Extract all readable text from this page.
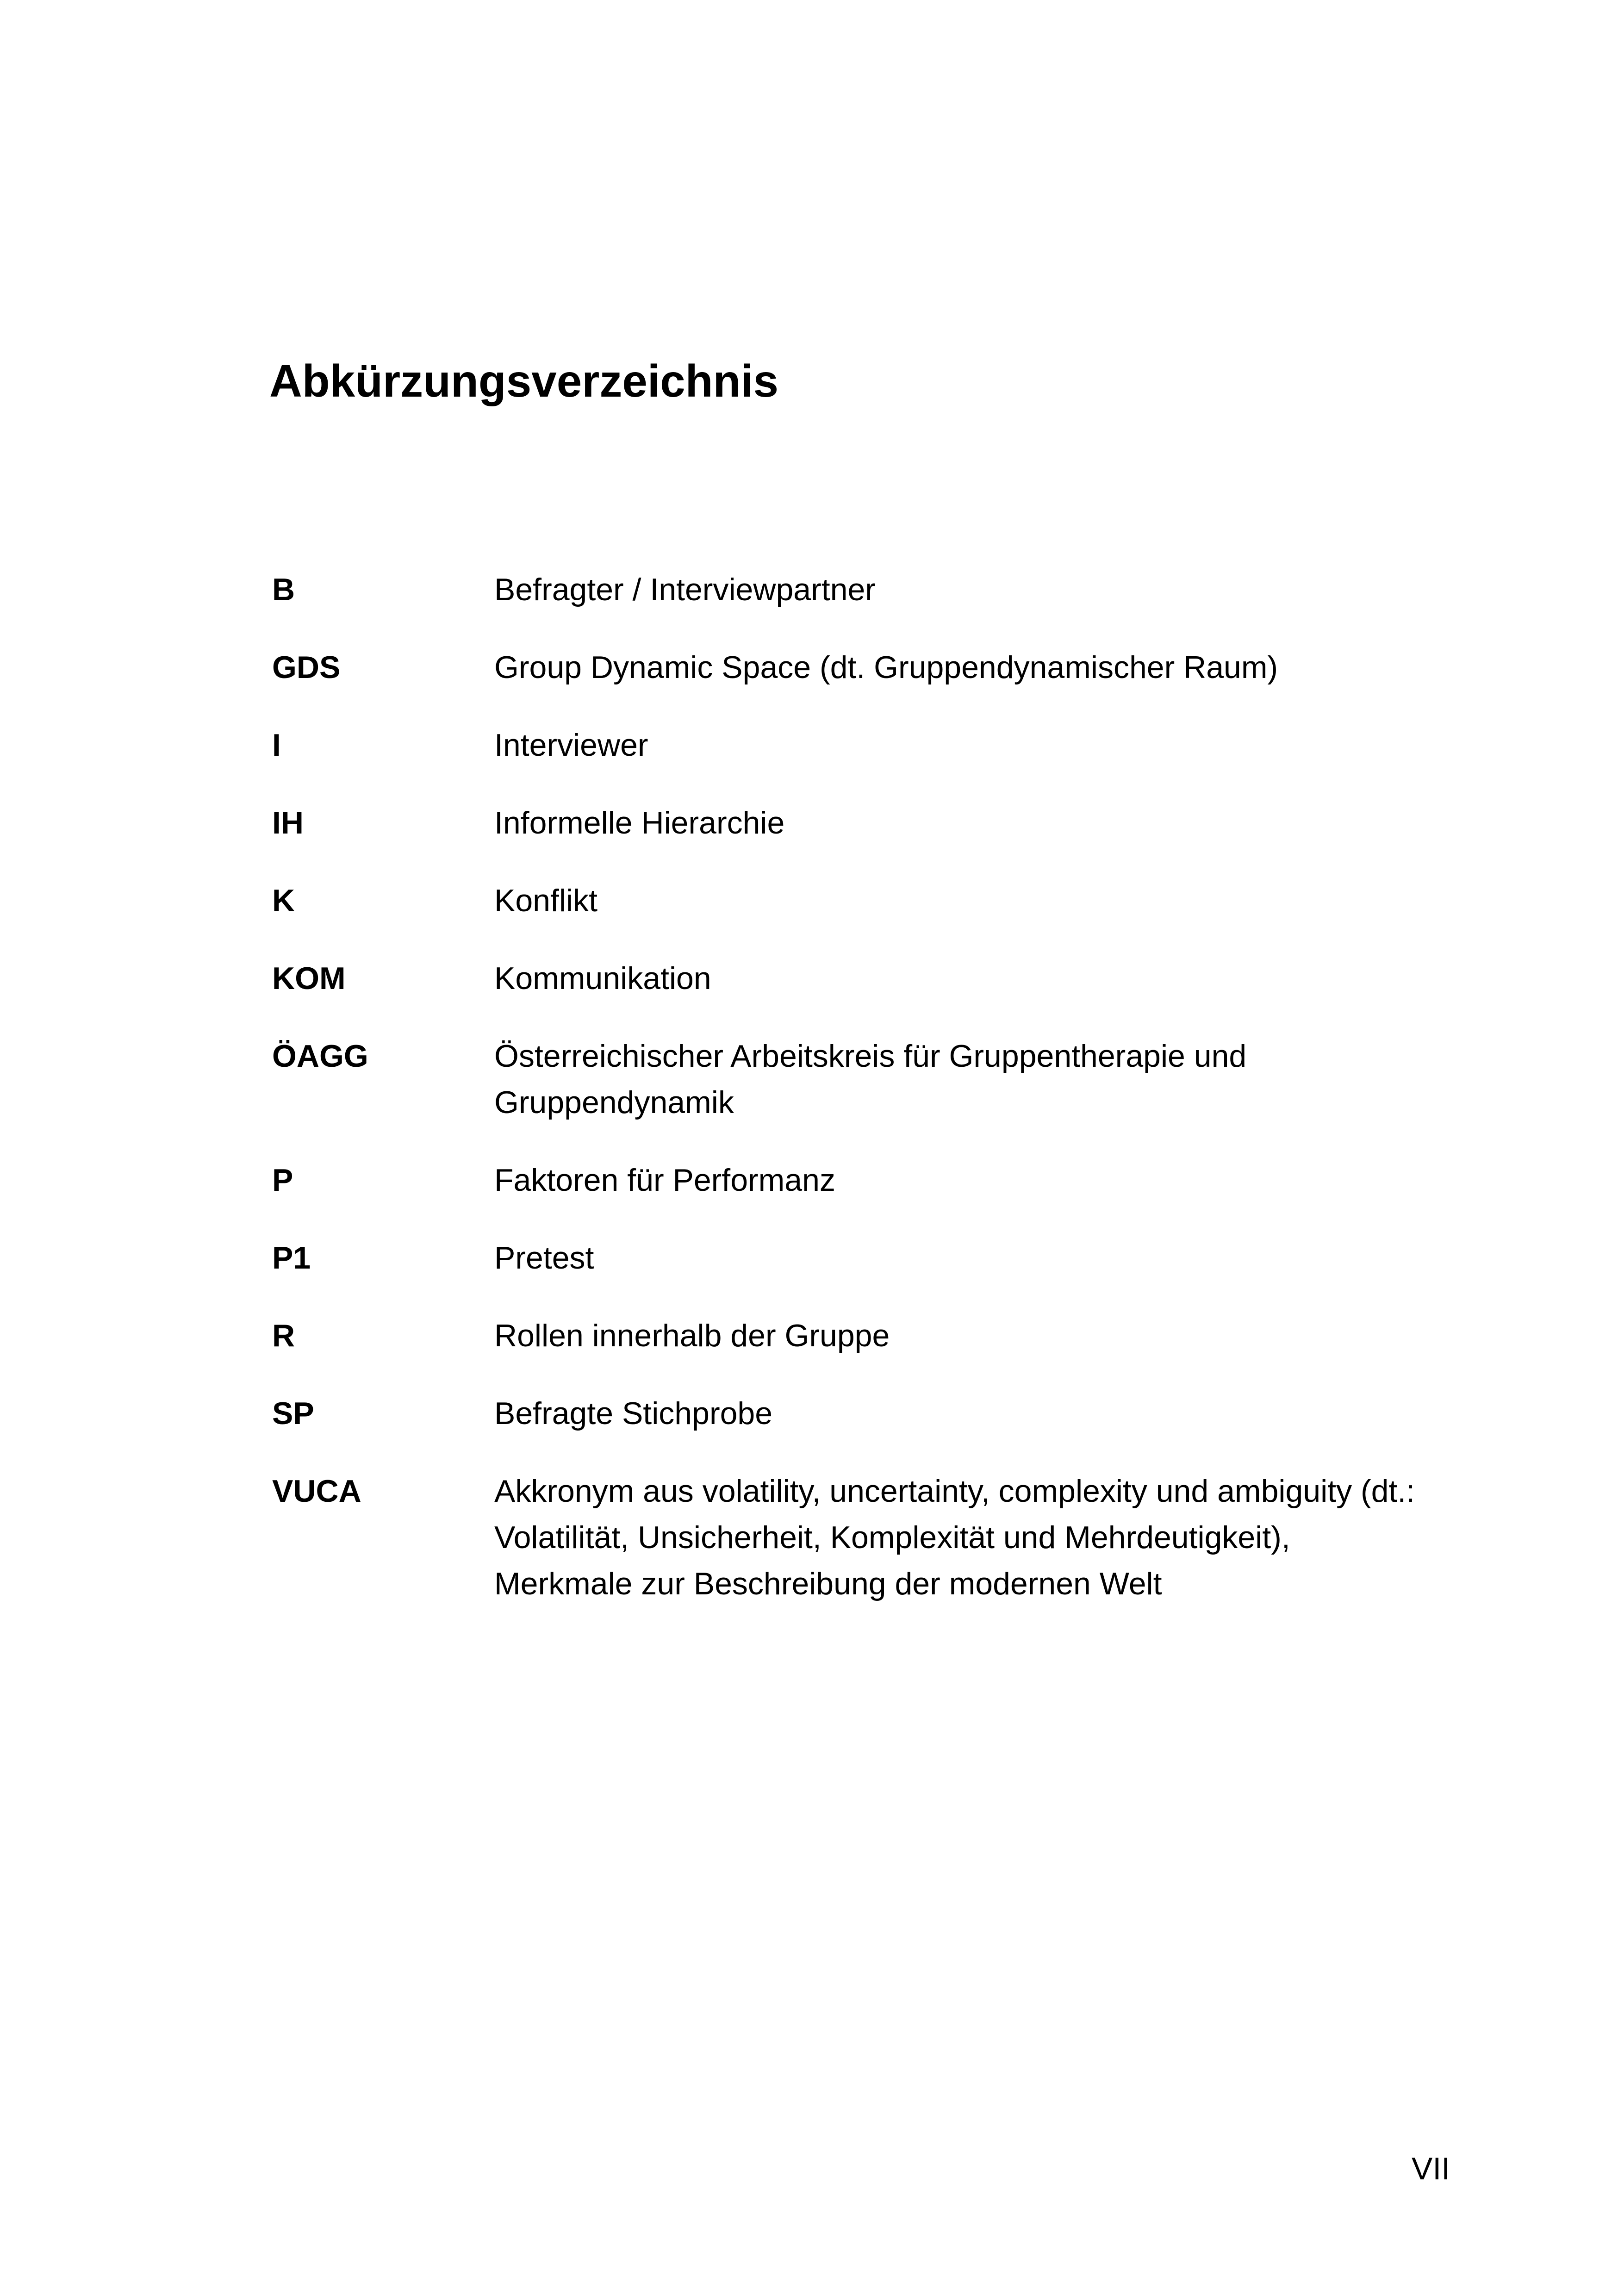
Abkürzungsverzeichnis
B	Befragter / Interviewpartner
GDS	Group Dynamic Space (dt. Gruppendynamischer Raum)
I	Interviewer
IH	Informelle Hierarchie
K	Konflikt
KOM	Kommunikation
ÖAGG	Österreichischer Arbeitskreis für Gruppentherapie und
Gruppendynamik
P	Faktoren für Performanz
P1	Pretest
R	Rollen innerhalb der Gruppe
SP	Befragte Stichprobe
VUCA	Akkronym aus volatility, uncertainty, complexity und ambiguity (dt.:
Volatilität, Unsicherheit, Komplexität und Mehrdeutigkeit),
Merkmale zur Beschreibung der modernen Welt
VII
